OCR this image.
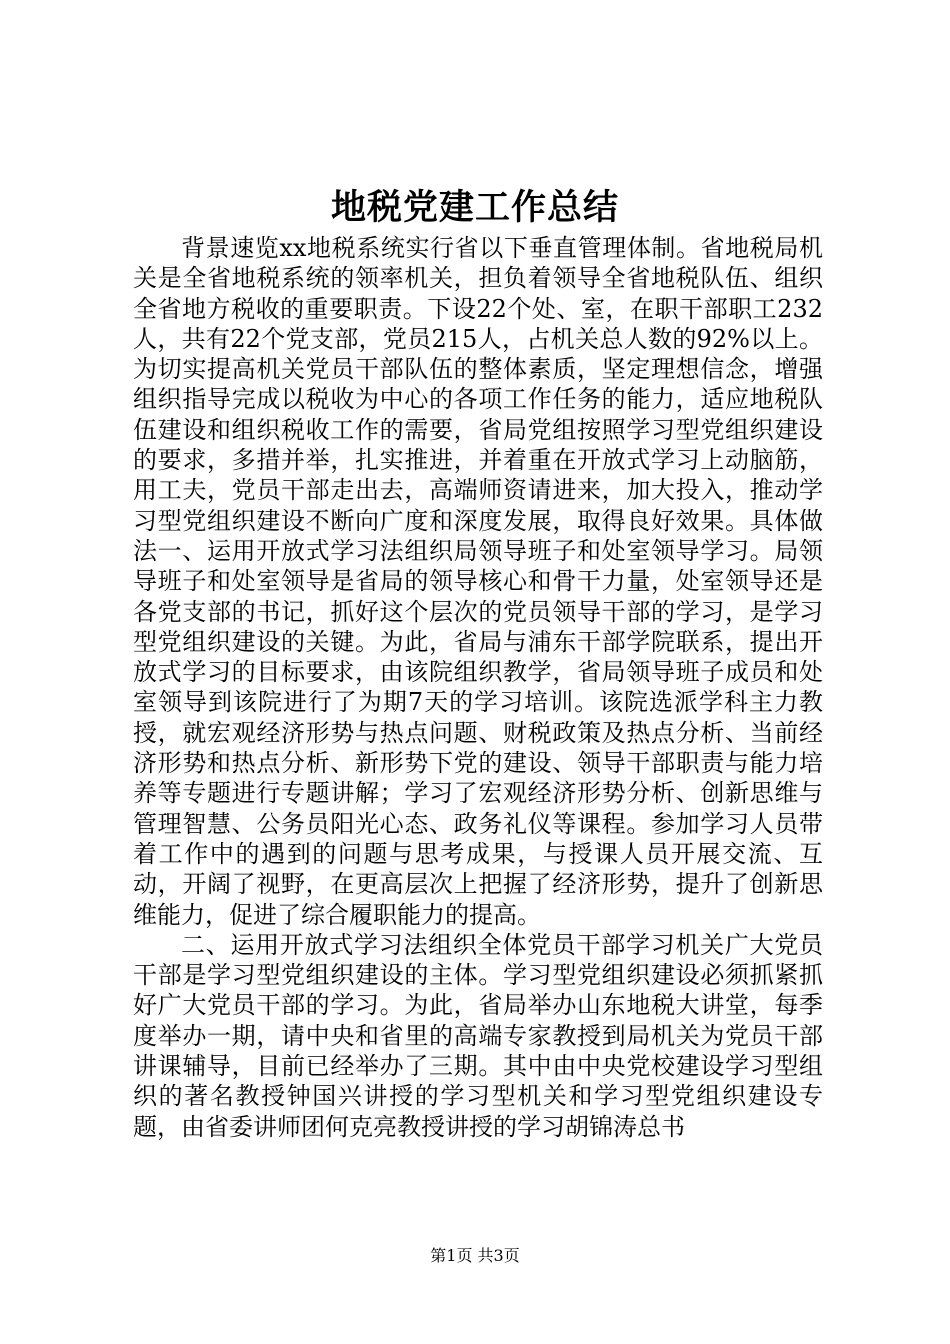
地税党建工作总结

背景速览xx地税系统实行省以下垂直管理体制。省地税局机关是全省地税系统的领率机关，担负着领导全省地税队伍、组织全省地方税收的重要职责。下设22个处、室，在职干部职工232人，共有22个党支部，党员215人，占机关总人数的92%以上。为切实提高机关党员干部队伍的整体素质，坚定理想信念，增强组织指导完成以税收为中心的各项工作任务的能力，适应地税队伍建设和组织税收工作的需要，省局党组按照学习型党组织建设的要求，多措并举，扎实推进，并着重在开放式学习上动脑筋，用工夫，党员干部走出去，高端师资请进来，加大投入，推动学习型党组织建设不断向广度和深度发展，取得良好效果。具体做法一、运用开放式学习法组织局领导班子和处室领导学习。局领导班子和处室领导是省局的领导核心和骨干力量，处室领导还是各党支部的书记，抓好这个层次的党员领导干部的学习，是学习型党组织建设的关键。为此，省局与浦东干部学院联系，提出开放式学习的目标要求，由该院组织教学，省局领导班子成员和处室领导到该院进行了为期7天的学习培训。该院选派学科主力教授，就宏观经济形势与热点问题、财税政策及热点分析、当前经济形势和热点分析、新形势下党的建设、领导干部职责与能力培养等专题进行专题讲解；学习了宏观经济形势分析、创新思维与管理智慧、公务员阳光心态、政务礼仪等课程。参加学习人员带着工作中的遇到的问题与思考成果，与授课人员开展交流、互动，开阔了视野，在更高层次上把握了经济形势，提升了创新思维能力，促进了综合履职能力的提高。

二、运用开放式学习法组织全体党员干部学习机关广大党员干部是学习型党组织建设的主体。学习型党组织建设必须抓紧抓好广大党员干部的学习。为此，省局举办山东地税大讲堂，每季度举办一期，请中央和省里的高端专家教授到局机关为党员干部讲课辅导，目前已经举办了三期。其中由中央党校建设学习型组织的著名教授钟国兴讲授的学习型机关和学习型党组织建设专题，由省委讲师团何克亮教授讲授的学习胡锦涛总书

第1页 共3页
